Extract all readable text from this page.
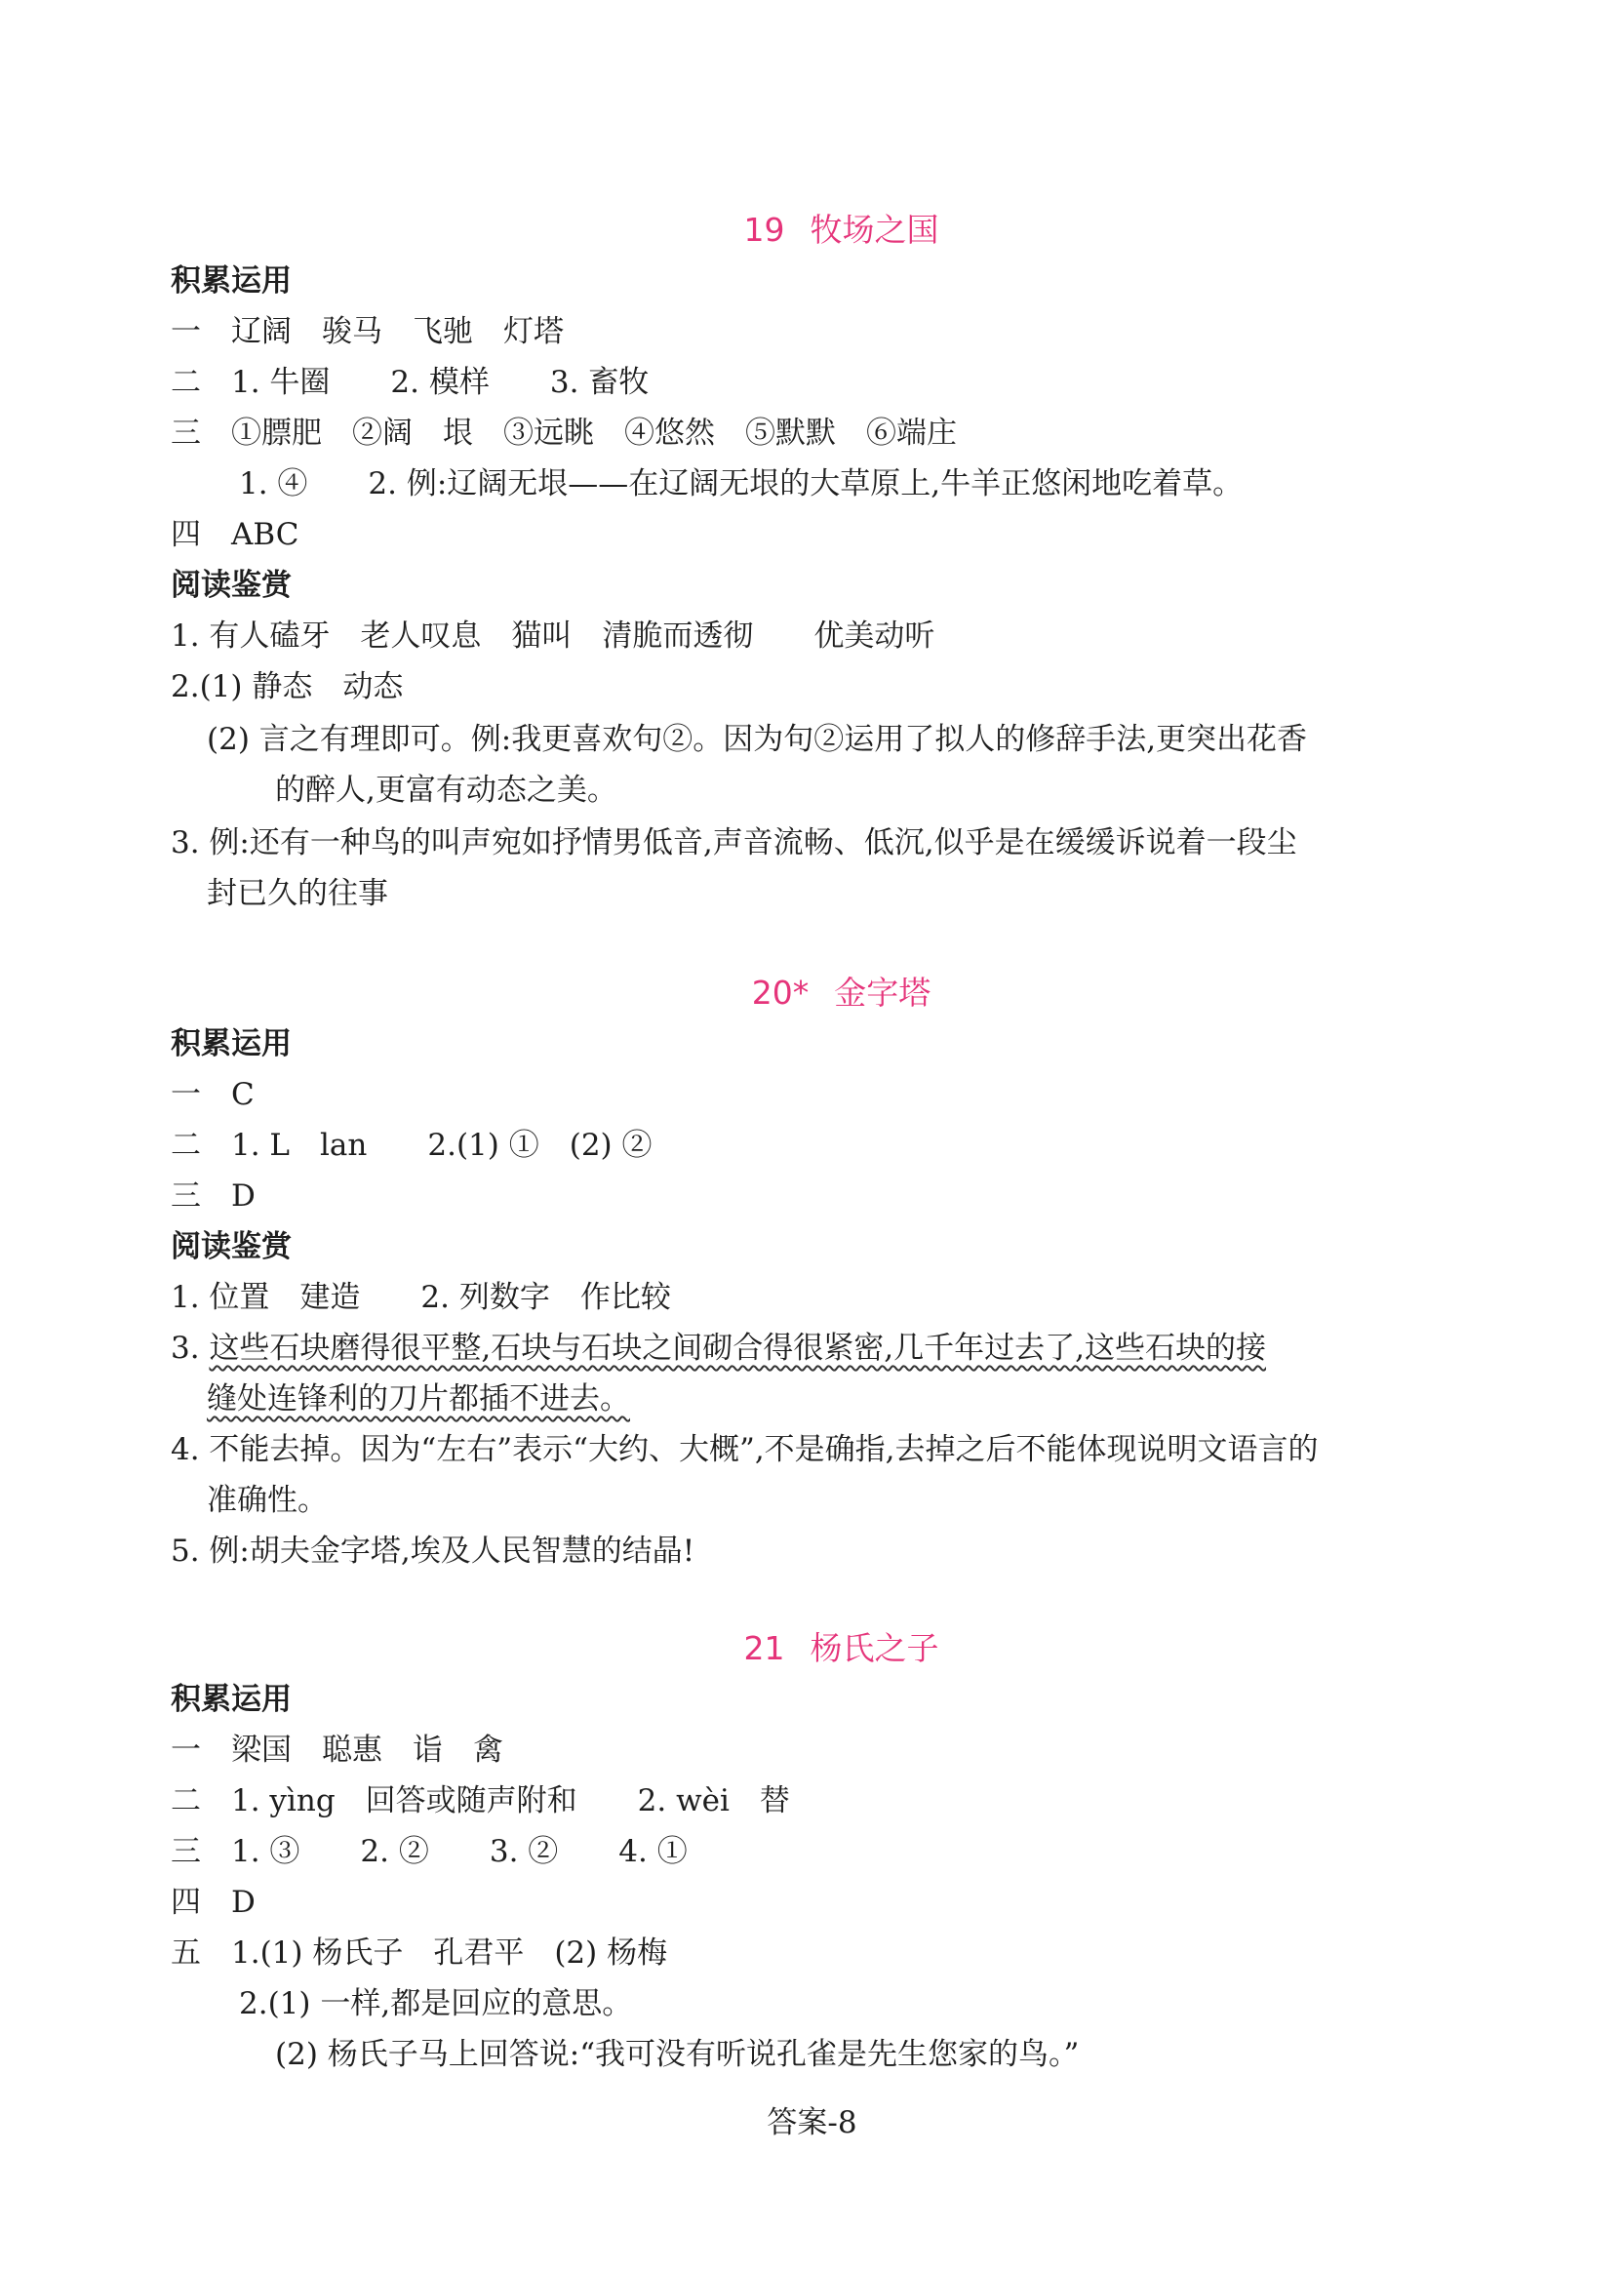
19 牧场之国
积累运用
一　辽阔　骏马　飞驰　灯塔
二　1. 牛圈　　2. 模样　　3. 畜牧
三　①膘肥　②阔　垠　③远眺　④悠然　⑤默默　⑥端庄
1. ④　　2. 例:辽阔无垠——在辽阔无垠的大草原上,牛羊正悠闲地吃着草。
四　ABC
阅读鉴赏
1. 有人磕牙　老人叹息　猫叫　清脆而透彻　　优美动听
2.(1) 静态　动态
(2) 言之有理即可。例:我更喜欢句②。因为句②运用了拟人的修辞手法,更突出花香
的醉人,更富有动态之美。
3. 例:还有一种鸟的叫声宛如抒情男低音,声音流畅、低沉,似乎是在缓缓诉说着一段尘
封已久的往事
20* 金字塔
积累运用
一　C
二　1. L　lan　　2.(1) ①　(2) ②
三　D
阅读鉴赏
1. 位置　建造　　2. 列数字　作比较
3. 这些石块磨得很平整,石块与石块之间砌合得很紧密,几千年过去了,这些石块的接
缝处连锋利的刀片都插不进去。
4. 不能去掉。因为“左右”表示“大约、大概”,不是确指,去掉之后不能体现说明文语言的
准确性。
5. 例:胡夫金字塔,埃及人民智慧的结晶!
21 杨氏之子
积累运用
一　梁国　聪惠　诣　禽
二　1. yìng　回答或随声附和　　2. wèi　替
三　1. ③　　2. ②　　3. ②　　4. ①
四　D
五　1.(1) 杨氏子　孔君平　(2) 杨梅
2.(1) 一样,都是回应的意思。
(2) 杨氏子马上回答说:“我可没有听说孔雀是先生您家的鸟。”
答案-8
